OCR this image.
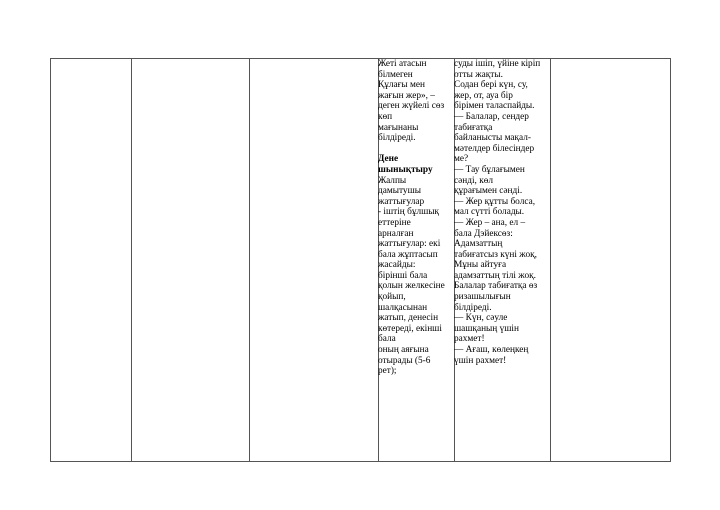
Жеті атасын
білмеген
Құлағы мен
жағын жер», –
деген жүйелі сөз
көп
мағынаны
білдіреді.

Дене
шынықтыру

Жалпы
дамытушы
жаттығулар
- іштің бұлшық
еттеріне
арналған
жаттығулар: екі
бала жұптасып
жасайды:
бірінші бала
қолын желкесіне
қойып,
шалқасынан
жатып, денесін
көтереді, екінші
бала
оның аяғына
отырады (5-6
рет);

суды ішіп, үйіне кіріп
отты жақты.
Содан бері күн, су,
жер, от, ауа бір
бірімен таласпайды.
— Балалар, сендер
табиғатқа
байланысты мақал-
мәтелдер білесіндер
ме?
— Тау бұлағымен
сәнді, көл
құрағымен сәнді.
— Жер құтты болса,
мал сүтті болады.
— Жер – ана, ел –
бала Дэйексөз:
Адамзаттың
табиғатсыз күні жоқ,
Мұны айтуға
адамзаттың тілі жоқ.
Балалар табиғатқа өз
ризашылығын
білдіреді.
— Күн, сәуле
шашқаның үшін
рахмет!
— Ағаш, көлеңкең
үшін рахмет!
